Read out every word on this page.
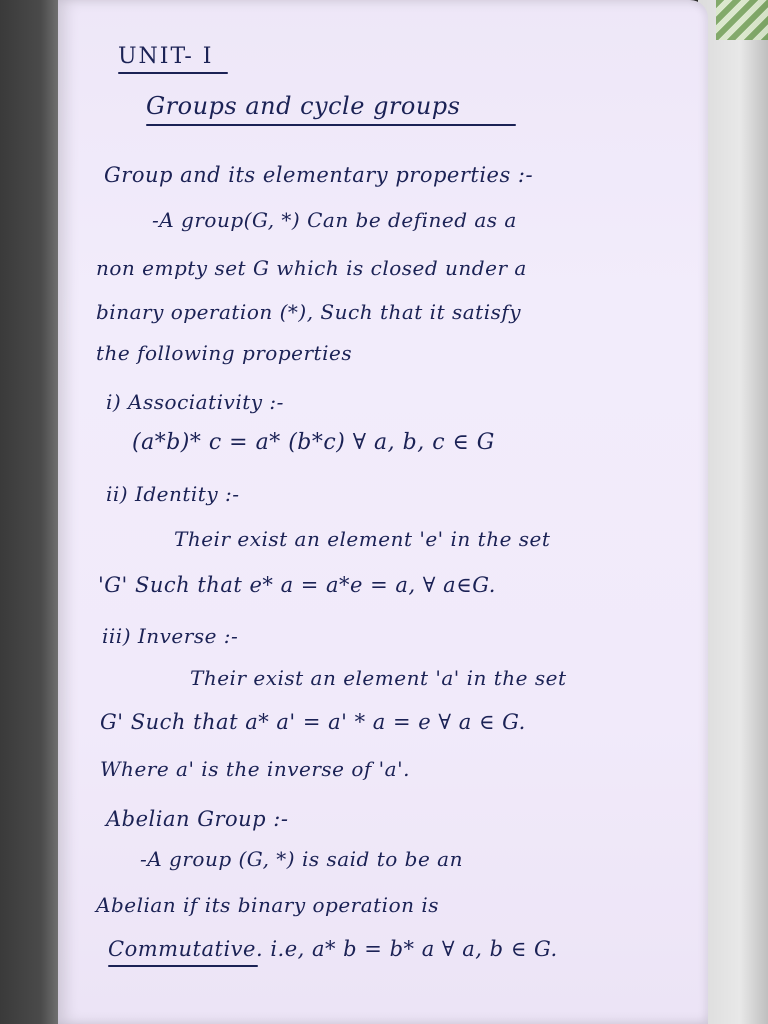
UNIT- I
Groups and cycle groups
Group and its elementary properties :-
-A group(G, *) Can be defined as a
non empty set G which is closed under a
binary operation (*), Such that it satisfy
the following properties
i) Associativity :-
(a*b)* c = a* (b*c) ∀ a, b, c ∈ G
ii) Identity :-
Their exist an element 'e' in the set
'G' Such that e* a = a*e = a, ∀ a∈G.
iii) Inverse :-
Their exist an element 'a' in the set
G' Such that a* a' = a' * a = e ∀ a ∈ G.
Where a' is the inverse of 'a'.
Abelian Group :-
-A group (G, *) is said to be an
Abelian if its binary operation is
Commutative. i.e, a* b = b* a ∀ a, b ∈ G.
